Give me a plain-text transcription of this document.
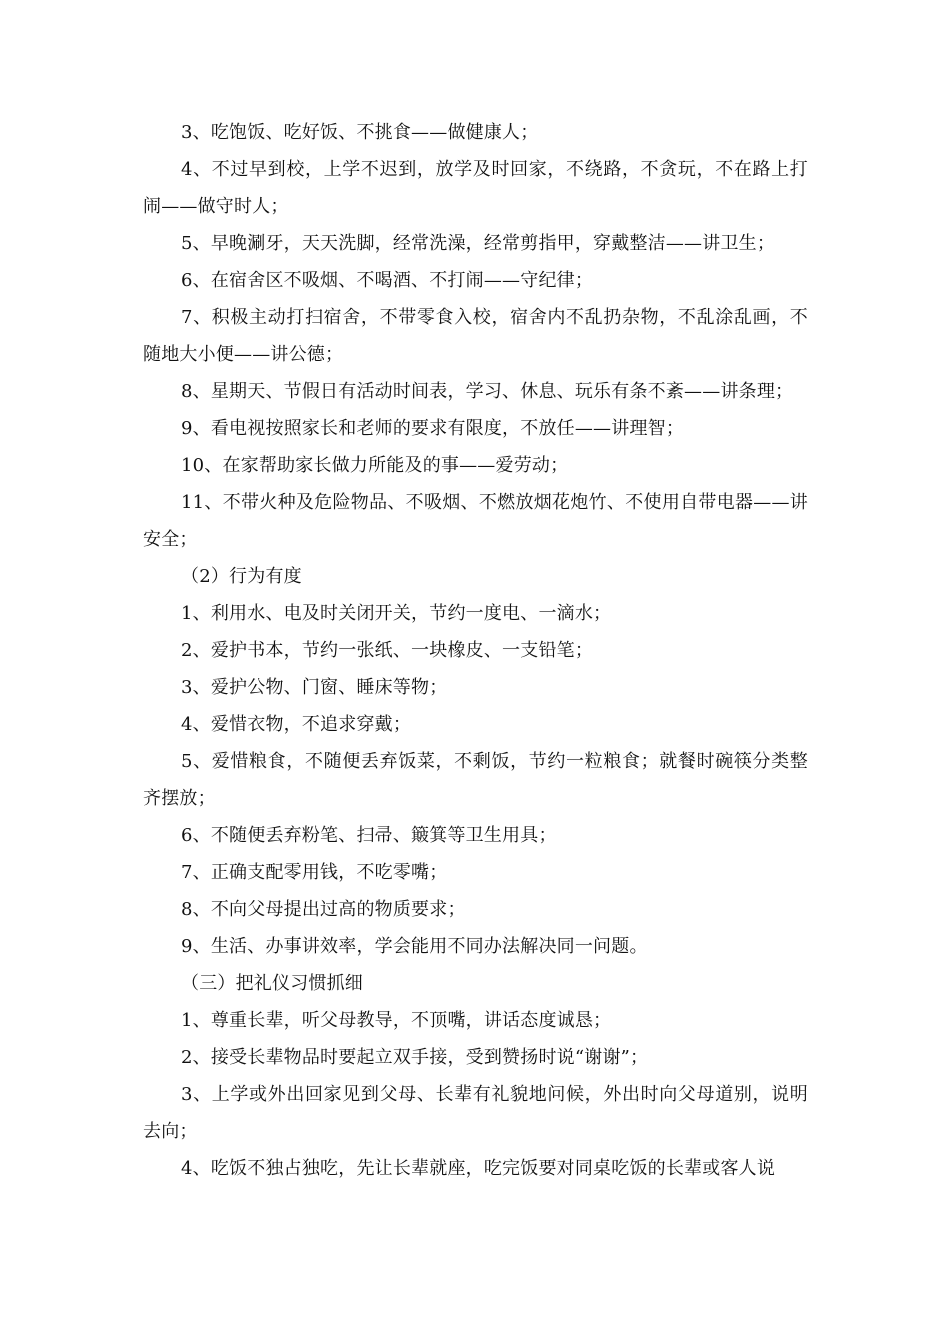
3、吃饱饭、吃好饭、不挑食——做健康人；

4、不过早到校，上学不迟到，放学及时回家，不绕路，不贪玩，不在路上打闹——做守时人；

5、早晚涮牙，天天洗脚，经常洗澡，经常剪指甲，穿戴整洁——讲卫生；

6、在宿舍区不吸烟、不喝酒、不打闹——守纪律；

7、积极主动打扫宿舍，不带零食入校，宿舍内不乱扔杂物，不乱涂乱画，不随地大小便——讲公德；

8、星期天、节假日有活动时间表，学习、休息、玩乐有条不紊——讲条理；

9、看电视按照家长和老师的要求有限度，不放任——讲理智；

10、在家帮助家长做力所能及的事——爱劳动；

11、不带火种及危险物品、不吸烟、不燃放烟花炮竹、不使用自带电器——讲安全；

（2）行为有度

1、利用水、电及时关闭开关，节约一度电、一滴水；

2、爱护书本，节约一张纸、一块橡皮、一支铅笔；

3、爱护公物、门窗、睡床等物；

4、爱惜衣物，不追求穿戴；

5、爱惜粮食，不随便丢弃饭菜，不剩饭，节约一粒粮食；就餐时碗筷分类整齐摆放；

6、不随便丢弃粉笔、扫帚、簸箕等卫生用具；

7、正确支配零用钱，不吃零嘴；

8、不向父母提出过高的物质要求；

9、生活、办事讲效率，学会能用不同办法解决同一问题。

（三）把礼仪习惯抓细

1、尊重长辈，听父母教导，不顶嘴，讲话态度诚恳；

2、接受长辈物品时要起立双手接，受到赞扬时说“谢谢”；

3、上学或外出回家见到父母、长辈有礼貌地问候，外出时向父母道别，说明去向；

4、吃饭不独占独吃，先让长辈就座，吃完饭要对同桌吃饭的长辈或客人说
